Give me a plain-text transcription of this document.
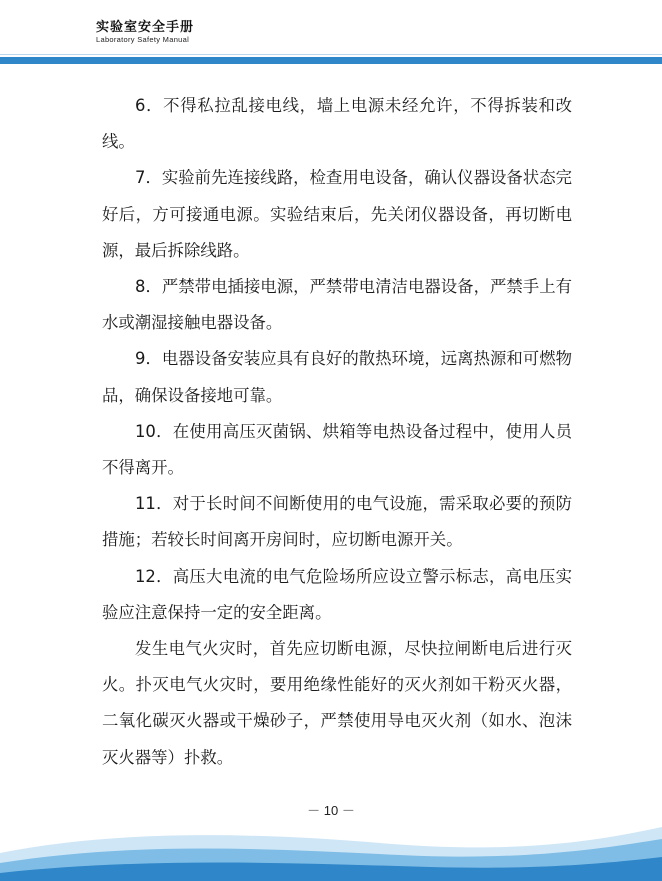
实验室安全手册
Laboratory Safety Manual

6．不得私拉乱接电线，墙上电源未经允许，不得拆装和改线。

7．实验前先连接线路，检查用电设备，确认仪器设备状态完好后，方可接通电源。实验结束后，先关闭仪器设备，再切断电源，最后拆除线路。

8．严禁带电插接电源，严禁带电清洁电器设备，严禁手上有水或潮湿接触电器设备。

9．电器设备安装应具有良好的散热环境，远离热源和可燃物品，确保设备接地可靠。

10．在使用高压灭菌锅、烘箱等电热设备过程中，使用人员不得离开。

11．对于长时间不间断使用的电气设施，需采取必要的预防措施；若较长时间离开房间时，应切断电源开关。

12．高压大电流的电气危险场所应设立警示标志，高电压实验应注意保持一定的安全距离。

发生电气火灾时，首先应切断电源，尽快拉闸断电后进行灭火。扑灭电气火灾时，要用绝缘性能好的灭火剂如干粉灭火器，二氧化碳灭火器或干燥砂子，严禁使用导电灭火剂（如水、泡沫灭火器等）扑救。

－ 10 －
